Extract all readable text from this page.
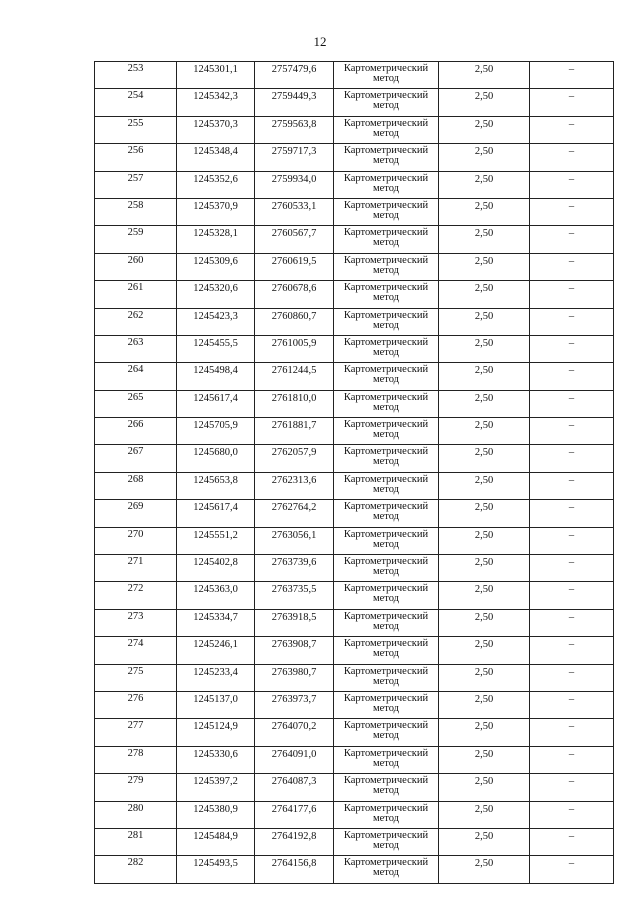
12
253	1245301,1	2757479,6	Картометрический метод	2,50	–

254	1245342,3	2759449,3	Картометрический метод	2,50	–

255	1245370,3	2759563,8	Картометрический метод	2,50	–

256	1245348,4	2759717,3	Картометрический метод	2,50	–

257	1245352,6	2759934,0	Картометрический метод	2,50	–

258	1245370,9	2760533,1	Картометрический метод	2,50	–

259	1245328,1	2760567,7	Картометрический метод	2,50	–

260	1245309,6	2760619,5	Картометрический метод	2,50	–

261	1245320,6	2760678,6	Картометрический метод	2,50	–

262	1245423,3	2760860,7	Картометрический метод	2,50	–

263	1245455,5	2761005,9	Картометрический метод	2,50	–

264	1245498,4	2761244,5	Картометрический метод	2,50	–

265	1245617,4	2761810,0	Картометрический метод	2,50	–

266	1245705,9	2761881,7	Картометрический метод	2,50	–

267	1245680,0	2762057,9	Картометрический метод	2,50	–

268	1245653,8	2762313,6	Картометрический метод	2,50	–

269	1245617,4	2762764,2	Картометрический метод	2,50	–

270	1245551,2	2763056,1	Картометрический метод	2,50	–

271	1245402,8	2763739,6	Картометрический метод	2,50	–

272	1245363,0	2763735,5	Картометрический метод	2,50	–

273	1245334,7	2763918,5	Картометрический метод	2,50	–

274	1245246,1	2763908,7	Картометрический метод	2,50	–

275	1245233,4	2763980,7	Картометрический метод	2,50	–

276	1245137,0	2763973,7	Картометрический метод	2,50	–

277	1245124,9	2764070,2	Картометрический метод	2,50	–

278	1245330,6	2764091,0	Картометрический метод	2,50	–

279	1245397,2	2764087,3	Картометрический метод	2,50	–

280	1245380,9	2764177,6	Картометрический метод	2,50	–

281	1245484,9	2764192,8	Картометрический метод	2,50	–

282	1245493,5	2764156,8	Картометрический метод	2,50	–
